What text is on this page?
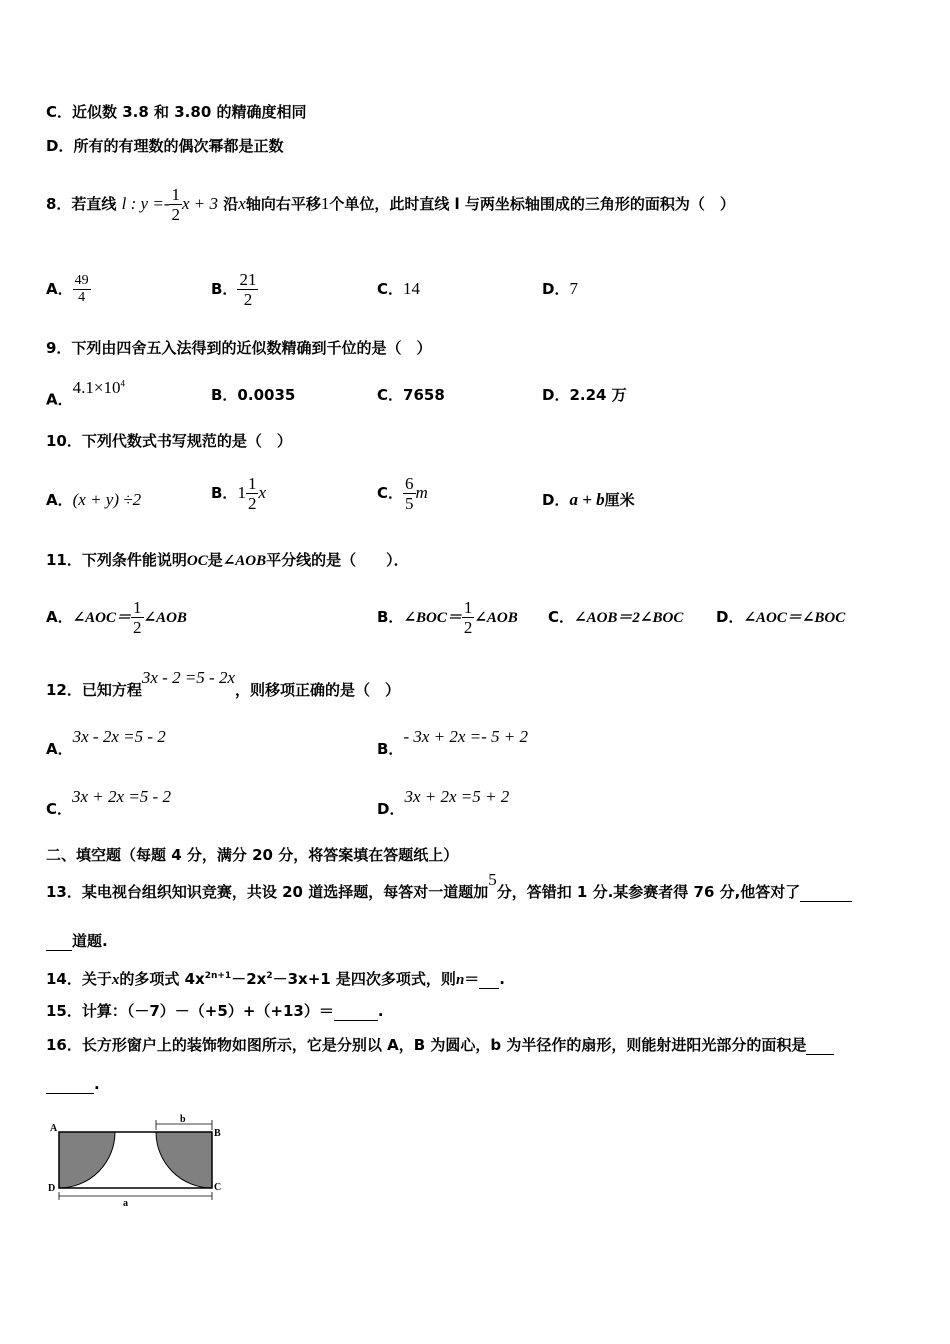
C．近似数 3.8 和 3.80 的精确度相同
D．所有的有理数的偶次幂都是正数
8．若直线 l : $y =- \frac{1}{2}$ x + 3 沿x轴向右平移1个单位，此时直线 l 与两坐标轴围成的三角形的面积为（　）
A． $\frac{49}{4}$	B． $\frac{21}{2}$	C．14	D．7
9．下列由四舍五入法得到的近似数精确到千位的是（　）
A．$4.1\times 10^4$
B．0.0035	C．7658	D．2.24 万
10．下列代数式书写规范的是（　）
A．(x + y) ÷2	B．$1 \frac{1}{2}$ x	C． $\frac{6}{5}$ m	D．a + b厘米
11．下列条件能说明OC是∠AOB平分线的是（　　）．
A．∠AOC＝ $\frac{1}{2}$ ∠AOB	B．∠BOC＝ $\frac{1}{2}$ ∠AOB C．∠AOB＝2∠BOC D．∠AOC＝∠BOC
12．已知方程3x - 2 =5 - 2x，则移项正确的是（　）
A．3x - 2x =5 - 2
B．- 3x + 2x =- 5 + 2
C．3x + 2x =5 - 2
D．3x + 2x =5 + 2
二、填空题（每题 4 分，满分 20 分，将答案填在答题纸上）
13．某电视台组织知识竞赛，共设 20 道选择题，每答对一道题加5分，答错扣 1 分.某参赛者得 76 分,他答对了
道题.
14．关于x的多项式 $4x^{2n+1}-2x^2-3x+1$ 是四次多项式，则n＝ .
15．计算：（－7）－（+5）+（+13）＝	.
16．长方形窗户上的装饰物如图所示，它是分别以 A，B 为圆心，b 为半径作的扇形，则能射进阳光部分的面积是
.
A	B
C
D
a
b
